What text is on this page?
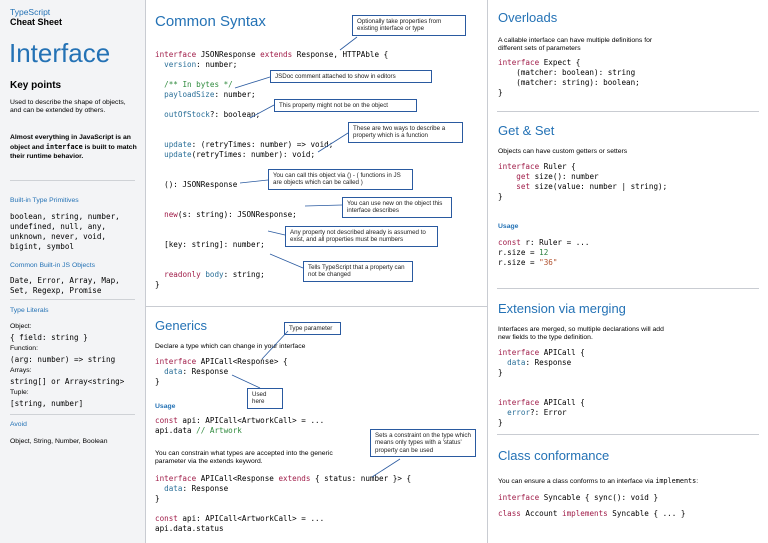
TypeScript
Cheat Sheet
Interface
Key points
Used to describe the shape of objects, and can be extended by others.
Almost everything in JavaScript is an object and interface is built to match their runtime behavior.
Built-in Type Primitives
boolean, string, number,
undefined, null, any,
unknown, never, void,
bigint, symbol
Common Built-in JS Objects
Date, Error, Array, Map,
Set, Regexp, Promise
Type Literals
Object:
{ field: string }
Function:
(arg: number) => string
Arrays:
string[] or Array<string>
Tuple:
[string, number]
Avoid
Object, String, Number, Boolean
Common Syntax
interface JSONResponse extends Response, HTTPAble {
version: number;

/** In bytes */
payloadSize: number;

outOfStock?: boolean;

update: (retryTimes: number) => void;
update(retryTimes: number): void;

(): JSONResponse

new(s: string): JSONResponse;

[key: string]: number;

readonly body: string;
}
Optionally take properties from existing interface or type
JSDoc comment attached to show in editors
This property might not be on the object
These are two ways to describe a property which is a function
You can call this object via () - ( functions in JS are objects which can be called )
You can use new on the object this interface describes
Any property not described already is assumed to exist, and all properties must be numbers
Tells TypeScript that a property can not be changed
Generics
Declare a type which can change in your interface
Type parameter
interface APICall<Response> {
data: Response
}
Used here
Usage
const api: APICall<ArtworkCall> = ...
api.data // Artwork
You can constrain what types are accepted into the generic parameter via the extends keyword.
Sets a constraint on the type which means only types with a 'status' property can be used
interface APICall<Response extends { status: number }> {
data: Response
}

const api: APICall<ArtworkCall> = ...
api.data.status
Overloads
A callable interface can have multiple definitions for different sets of parameters
interface Expect {
(matcher: boolean): string
(matcher: string): boolean;
}
Get & Set
Objects can have custom getters or setters
interface Ruler {
get size(): number
set size(value: number | string);
}
Usage
const r: Ruler = ...
r.size = 12
r.size = "36"
Extension via merging
Interfaces are merged, so multiple declarations will add new fields to the type definition.
interface APICall {
data: Response
}

interface APICall {
error?: Error
}
Class conformance
You can ensure a class conforms to an interface via implements:
interface Syncable { sync(): void }
class Account implements Syncable { ... }
